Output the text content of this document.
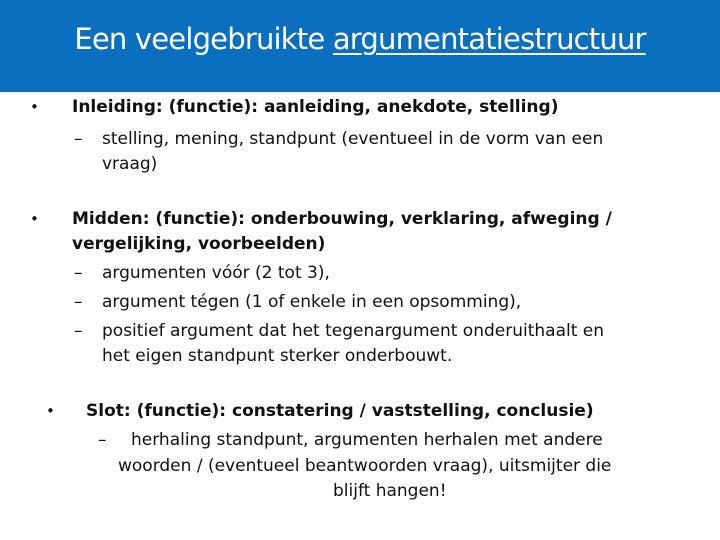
Een veelgebruikte argumentatiestructuur
• Inleiding: (functie): aanleiding, anekdote, stelling)
– stelling, mening, standpunt (eventueel in de vorm van een
vraag)
• Midden: (functie): onderbouwing, verklaring, afweging /
vergelijking, voorbeelden)
– argumenten vóór (2 tot 3),
– argument tégen (1 of enkele in een opsomming),
– positief argument dat het tegenargument onderuithaalt en
het eigen standpunt sterker onderbouwt.
• Slot: (functie): constatering / vaststelling, conclusie)
– herhaling standpunt, argumenten herhalen met andere
woorden / (eventueel beantwoorden vraag), uitsmijter die
blijft hangen!
